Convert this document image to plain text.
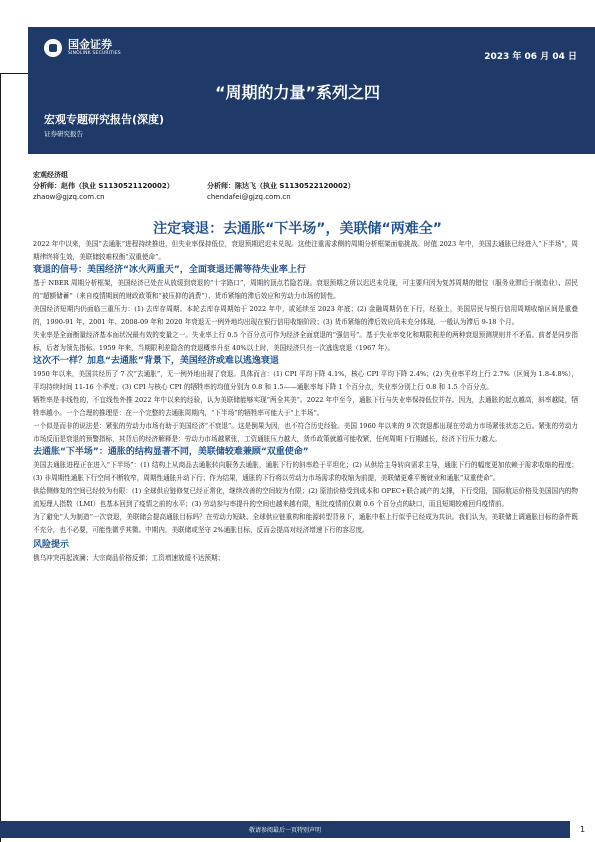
国金证券
SINOLINK SECURITIES	2023 年 06 月 04 日
“周期的力量”系列之四
宏观专题研究报告(深度)
证券研究报告
宏观经济组
分析师：赵伟（执业 S1130521120002）	分析师：陈达飞（执业 S1130522120002）
zhaow@gjzq.com.cn	chendafei@gjzq.com.cn
注定衰退：去通胀“下半场”，美联储“两难全”

2022 年中以来，美国“去通胀”进程持续推进，但失业率保持低位，衰退预期迟迟未兑现。这使注重需求侧的周期分析框架面临挑战。时值 2023 年中，美国去通胀已经进入“下半场”，周期律终将生效，美联储较难权衡“双重使命”。

衰退的信号：美国经济“冰火两重天”，全面衰退还需等待失业率上行

基于 NBER 周期分析框架，美国经济已处在从放缓到衰退的“十字路口”，周期的顶点若隐若现。衰退预期之所以迟迟未兑现，可主要归因为复苏周期的错位（服务业滞后于制造业）、居民的“超额储蓄”（来自疫情期间的财政政策和“被压抑的消费”）、货币紧缩的滞后效应和劳动力市场的韧性。

美国经济短期内仍面临三重压力：(1) 去库存周期。本轮去库存周期始于 2022 年中，或延续至 2023 年底；(2) 金融周期仍在下行，经验上，美国居民与银行信用周期收缩区间是重叠的，1990-91 年、2001 年、2008-09 年和 2020 年衰退无一例外地均出现在银行信用收缩阶段；(3) 货币紧缩的滞后效应尚未充分体现，一般认为滞后 9-18 个月。

失业率是全面衡量经济基本面状况最有效的变量之一。失业率上行 0.5 个百分点可作为经济全面衰退的“强信号”。基于失业率变化和期限利差的两种衰退预测规则并不矛盾。前者是同步指标，后者为领先指标。1959 年来，当期限利差隐含的衰退概率升至 40%以上时，美国经济只有一次逃逸衰退（1967 年）。

这次不一样？加息“去通胀”背景下，美国经济或难以逃逸衰退

1950 年以来，美国共经历了 7 次“去通胀”，无一例外地出现了衰退。具体而言：(1) CPI 平均下降 4.1%，核心 CPI 平均下降 2.4%；(2) 失业率平均上行 2.7%（区间为 1.8-4.8%），平均持续时间 11-16 个季度；(3) CPI 与核心 CPI 的牺牲率的均值分别为 0.8 和 1.5——通胀率每下降 1 个百分点，失业率分别上行 0.8 和 1.5 个百分点。

牺牲率是非线性的，不宜线性外推 2022 年中以来的经验，认为美联储能够实现“两全其美”。2022 年中至今，通胀下行与失业率保持低位并存。因为，去通胀的起点越高，斜率越陡，牺牲率越小。一个合理的推理是：在一个完整的去通胀周期内，“下半场”的牺牲率可能大于“上半场”。

一个似是而非的说法是：紧张的劳动力市场有助于美国经济“不衰退”。这是倒果为因，也不符合历史经验。美国 1960 年以来的 9 次衰退都出现在劳动力市场紧张状态之后。紧张的劳动力市场反而是衰退的预警指标，其背后的经济解释是：劳动力市场越紧张，工资通胀压力越大，货币政策就越可能收紧，任何周期下行期越长，经济下行压力越大。

去通胀“下半场”：通胀的结构显著不同，美联储较难兼顾“双重使命”

美国去通胀进程正在进入“下半场”：(1) 结构上从商品去通胀转向服务去通胀，通胀下行的斜率趋于平坦化；(2) 从供给主导转向需求主导，通胀下行的幅度更加依赖于需求收缩的程度；(3) 非周期性通胀下行空间不断收窄，周期性通胀升动下行；作为结果，通胀的下行将以劳动力市场需求的收缩为前提，美联储更难平衡就业和通胀“双重使命”。

供给侧修复的空间已经较为有限：(1) 全球供应链修复已经正常化，继续改善的空间较为有限；(2) 原油价格受到成本和 OPEC+联合减产的支撑，下行受阻，国际航运价格及美国国内的物流短理人指数（LMI）也基本回到了疫情之前的水平；(3) 劳动参与率提升的空间也越来越有限，相比疫情前仅剩 0.6 个百分点的缺口，而且短期较难回归疫情前。

为了避免“人为制造”一次衰退，美联储会提高通胀目标吗？在劳动力短缺、全球供应链重构和能源转型背景下，通胀中枢上行似乎已经成为共识。我们认为，美联储上调通胀目标的条件既不充分，也不必要，可能性微乎其微。中期内，美联储或坚守 2%通胀目标，反而会提高对经济增速下行的容忍度。

风险提示

俄乌冲突再起波澜；大宗商品价格反弹；工资增速放缓不达预期；

敬请参阅最后一页特别声明	1
